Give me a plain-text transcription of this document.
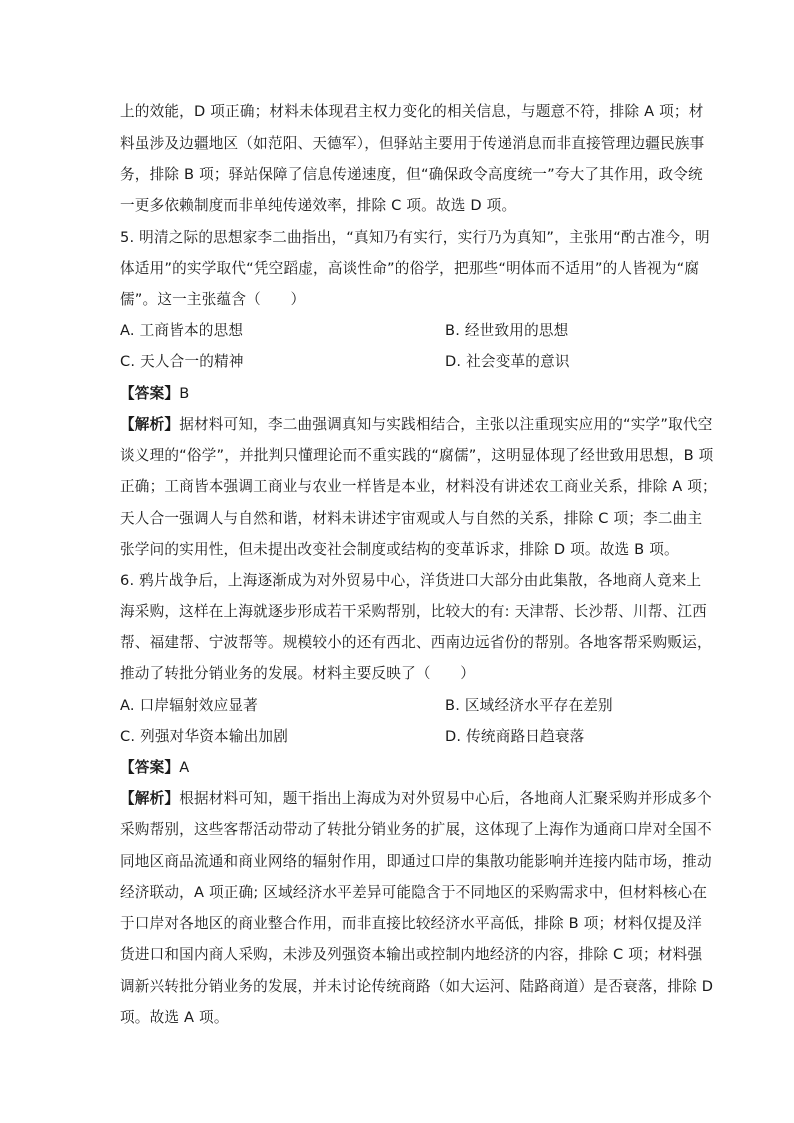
上的效能，D 项正确；材料未体现君主权力变化的相关信息，与题意不符，排除 A 项；材
料虽涉及边疆地区（如范阳、天德军），但驿站主要用于传递消息而非直接管理边疆民族事
务，排除 B 项；驿站保障了信息传递速度，但“确保政令高度统一”夸大了其作用，政令统
一更多依赖制度而非单纯传递效率，排除 C 项。故选 D 项。
5. 明清之际的思想家李二曲指出，“真知乃有实行，实行乃为真知”，主张用“酌古准今，明
体适用”的实学取代“凭空蹈虚，高谈性命”的俗学，把那些“明体而不适用”的人皆视为“腐
儒”。这一主张蕴含（　　）
A. 工商皆本的思想	B. 经世致用的思想
C. 天人合一的精神	D. 社会变革的意识
【答案】B
【解析】据材料可知，李二曲强调真知与实践相结合，主张以注重现实应用的“实学”取代空
谈义理的“俗学”，并批判只懂理论而不重实践的“腐儒”，这明显体现了经世致用思想，B 项
正确；工商皆本强调工商业与农业一样皆是本业，材料没有讲述农工商业关系，排除 A 项；
天人合一强调人与自然和谐，材料未讲述宇宙观或人与自然的关系，排除 C 项；李二曲主
张学问的实用性，但未提出改变社会制度或结构的变革诉求，排除 D 项。故选 B 项。
6. 鸦片战争后，上海逐渐成为对外贸易中心，洋货进口大部分由此集散，各地商人竟来上
海采购，这样在上海就逐步形成若干采购帮别，比较大的有: 天津帮、长沙帮、川帮、江西
帮、福建帮、宁波帮等。规模较小的还有西北、西南边远省份的帮别。各地客帮采购贩运，
推动了转批分销业务的发展。材料主要反映了（　　）
A. 口岸辐射效应显著	B. 区域经济水平存在差别
C. 列强对华资本输出加剧	D. 传统商路日趋衰落
【答案】A
【解析】根据材料可知，题干指出上海成为对外贸易中心后，各地商人汇聚采购并形成多个
采购帮别，这些客帮活动带动了转批分销业务的扩展，这体现了上海作为通商口岸对全国不
同地区商品流通和商业网络的辐射作用，即通过口岸的集散功能影响并连接内陆市场，推动
经济联动，A 项正确; 区域经济水平差异可能隐含于不同地区的采购需求中，但材料核心在
于口岸对各地区的商业整合作用，而非直接比较经济水平高低，排除 B 项；材料仅提及洋
货进口和国内商人采购，未涉及列强资本输出或控制内地经济的内容，排除 C 项；材料强
调新兴转批分销业务的发展，并未讨论传统商路（如大运河、陆路商道）是否衰落，排除 D
项。故选 A 项。
